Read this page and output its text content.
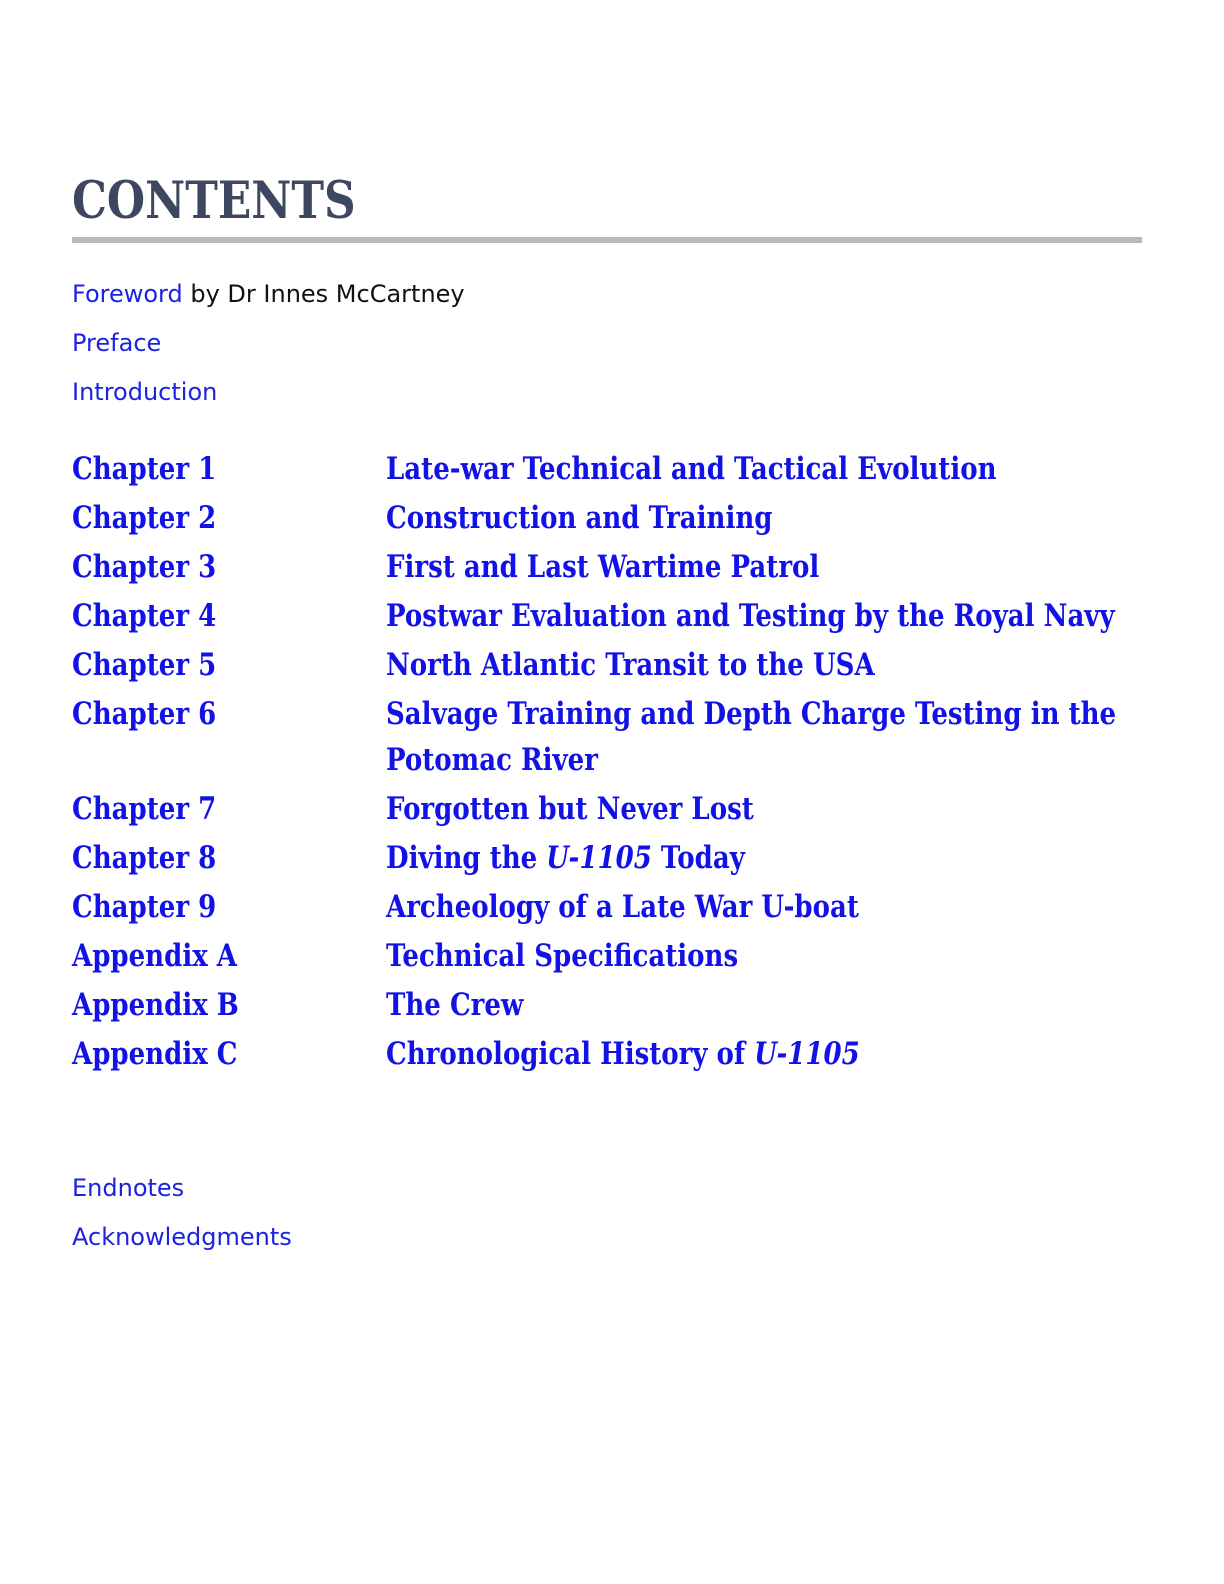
CONTENTS
Foreword by Dr Innes McCartney
Preface
Introduction
Chapter 1	Late-war Technical and Tactical Evolution
Chapter 2	Construction and Training
Chapter 3	First and Last Wartime Patrol
Chapter 4	Postwar Evaluation and Testing by the Royal Navy
Chapter 5	North Atlantic Transit to the USA
Chapter 6	Salvage Training and Depth Charge Testing in the Potomac River
Chapter 7	Forgotten but Never Lost
Chapter 8	Diving the U-1105 Today
Chapter 9	Archeology of a Late War U-boat
Appendix A	Technical Specifications
Appendix B	The Crew
Appendix C	Chronological History of U-1105
Endnotes
Acknowledgments
